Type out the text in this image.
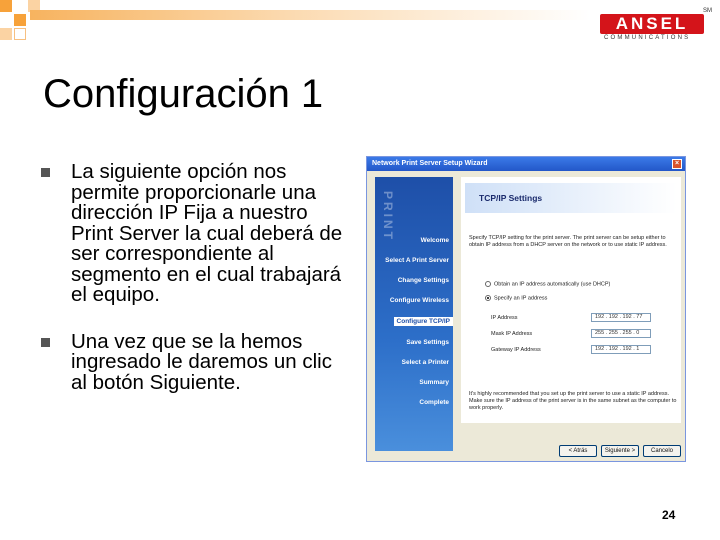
ANSEL
SM
COMMUNICATIONS
Configuración 1
La siguiente opción nos permite proporcionarle una dirección IP Fija a nuestro Print Server la cual deberá de ser correspondiente al segmento en el cual trabajará el equipo.
Una vez que se la hemos ingresado le daremos un clic al botón Siguiente.
Network Print Server Setup Wizard	×
PRINT	Welcome
Select A Print Server
Change Settings
Configure Wireless
Configure TCP/IP
Save Settings
Select a Printer
Summary
Complete
TCP/IP Settings
Specify TCP/IP setting for the print server. The print server can be setup either to obtain IP address from a DHCP server on the network or to use static IP address.
Obtain an IP address automatically (use DHCP)
Specify an IP address
IP Address	192 . 192 . 192 . 77
Mask IP Address	255 . 255 . 255 . 0
Gateway IP Address	192 . 192 . 192 . 1
It's highly recommended that you set up the print server to use a static IP address. Make sure the IP address of the print server is in the same subnet as the computer to work properly.
< Atrás	Siguiente >	Cancelo
24
